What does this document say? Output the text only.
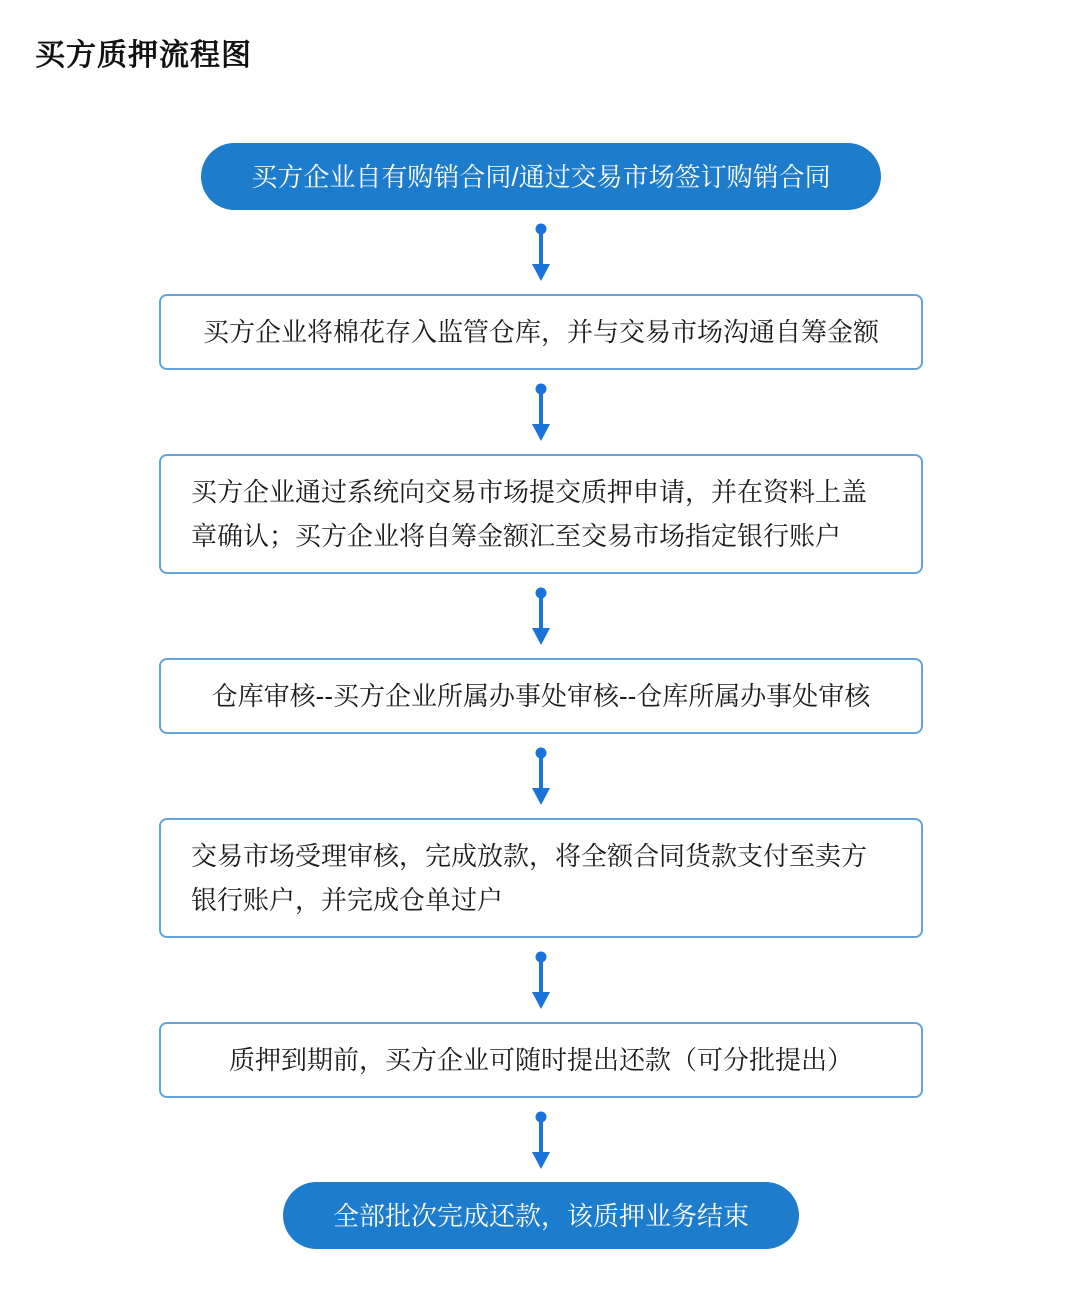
买方质押流程图
买方企业自有购销合同/通过交易市场签订购销合同
买方企业将棉花存入监管仓库，并与交易市场沟通自筹金额
买方企业通过系统向交易市场提交质押申请，并在资料上盖章确认；买方企业将自筹金额汇至交易市场指定银行账户
仓库审核--买方企业所属办事处审核--仓库所属办事处审核
交易市场受理审核，完成放款，将全额合同货款支付至卖方银行账户，并完成仓单过户
质押到期前，买方企业可随时提出还款（可分批提出）
全部批次完成还款，该质押业务结束
